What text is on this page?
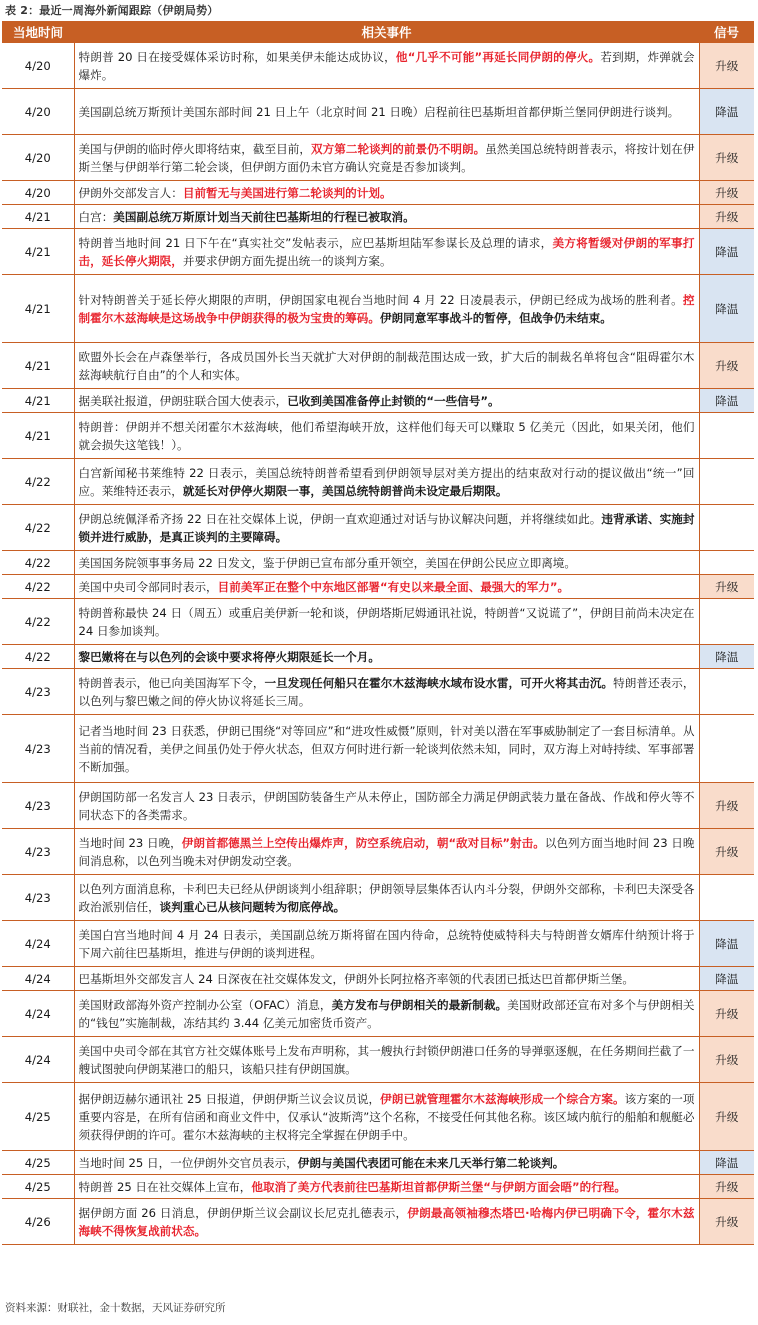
表 2：最近一周海外新闻跟踪（伊朗局势）
当地时间	相关事件	信号
4/20	特朗普 20 日在接受媒体采访时称，如果美伊未能达成协议，他“几乎不可能”再延长同伊朗的停火。若到期，炸弹就会爆炸。	升级
4/20	美国副总统万斯预计美国东部时间 21 日上午（北京时间 21 日晚）启程前往巴基斯坦首都伊斯兰堡同伊朗进行谈判。	降温
4/20	美国与伊朗的临时停火即将结束，截至目前，双方第二轮谈判的前景仍不明朗。虽然美国总统特朗普表示，将按计划在伊斯兰堡与伊朗举行第二轮会谈，但伊朗方面仍未官方确认究竟是否参加谈判。	升级
4/20	伊朗外交部发言人：目前暂无与美国进行第二轮谈判的计划。	升级
4/21	白宫：美国副总统万斯原计划当天前往巴基斯坦的行程已被取消。	升级
4/21	特朗普当地时间 21 日下午在“真实社交”发帖表示，应巴基斯坦陆军参谋长及总理的请求，美方将暂缓对伊朗的军事打击，延长停火期限，并要求伊朗方面先提出统一的谈判方案。	降温
4/21	针对特朗普关于延长停火期限的声明，伊朗国家电视台当地时间 4 月 22 日凌晨表示，伊朗已经成为战场的胜利者。控制霍尔木兹海峡是这场战争中伊朗获得的极为宝贵的筹码。伊朗同意军事战斗的暂停，但战争仍未结束。	降温
4/21	欧盟外长会在卢森堡举行，各成员国外长当天就扩大对伊朗的制裁范围达成一致，扩大后的制裁名单将包含“阻碍霍尔木兹海峡航行自由”的个人和实体。	升级
4/21	据美联社报道，伊朗驻联合国大使表示，已收到美国准备停止封锁的“一些信号”。	降温
4/21	特朗普：伊朗并不想关闭霍尔木兹海峡，他们希望海峡开放，这样他们每天可以赚取 5 亿美元（因此，如果关闭，他们就会损失这笔钱！）。	
4/22	白宫新闻秘书莱维特 22 日表示，美国总统特朗普希望看到伊朗领导层对美方提出的结束敌对行动的提议做出“统一”回应。莱维特还表示，就延长对伊停火期限一事，美国总统特朗普尚未设定最后期限。	
4/22	伊朗总统佩泽希齐扬 22 日在社交媒体上说，伊朗一直欢迎通过对话与协议解决问题，并将继续如此。违背承诺、实施封锁并进行威胁，是真正谈判的主要障碍。	
4/22	美国国务院领事事务局 22 日发文，鉴于伊朗已宣布部分重开领空，美国在伊朗公民应立即离境。	
4/22	美国中央司令部同时表示，目前美军正在整个中东地区部署“有史以来最全面、最强大的军力”。	升级
4/22	特朗普称最快 24 日（周五）或重启美伊新一轮和谈，伊朗塔斯尼姆通讯社说，特朗普“又说谎了”，伊朗目前尚未决定在 24 日参加谈判。	
4/22	黎巴嫩将在与以色列的会谈中要求将停火期限延长一个月。	降温
4/23	特朗普表示，他已向美国海军下令，一旦发现任何船只在霍尔木兹海峡水域布设水雷，可开火将其击沉。特朗普还表示，以色列与黎巴嫩之间的停火协议将延长三周。	
4/23	记者当地时间 23 日获悉，伊朗已围绕“对等回应”和“进攻性威慑”原则，针对美以潜在军事威胁制定了一套目标清单。从当前的情况看，美伊之间虽仍处于停火状态，但双方何时进行新一轮谈判依然未知，同时，双方海上对峙持续、军事部署不断加强。	
4/23	伊朗国防部一名发言人 23 日表示，伊朗国防装备生产从未停止，国防部全力满足伊朗武装力量在备战、作战和停火等不同状态下的各类需求。	升级
4/23	当地时间 23 日晚，伊朗首都德黑兰上空传出爆炸声，防空系统启动，朝“敌对目标”射击。以色列方面当地时间 23 日晚间消息称，以色列当晚未对伊朗发动空袭。	升级
4/23	以色列方面消息称，卡利巴夫已经从伊朗谈判小组辞职；伊朗领导层集体否认内斗分裂，伊朗外交部称，卡利巴夫深受各政治派别信任，谈判重心已从核问题转为彻底停战。	
4/24	美国白宫当地时间 4 月 24 日表示，美国副总统万斯将留在国内待命，总统特使威特科夫与特朗普女婿库什纳预计将于下周六前往巴基斯坦，推进与伊朗的谈判进程。	降温
4/24	巴基斯坦外交部发言人 24 日深夜在社交媒体发文，伊朗外长阿拉格齐率领的代表团已抵达巴首都伊斯兰堡。	降温
4/24	美国财政部海外资产控制办公室（OFAC）消息，美方发布与伊朗相关的最新制裁。美国财政部还宣布对多个与伊朗相关的“钱包”实施制裁，冻结其约 3.44 亿美元加密货币资产。	升级
4/24	美国中央司令部在其官方社交媒体账号上发布声明称，其一艘执行封锁伊朗港口任务的导弹驱逐舰，在任务期间拦截了一艘试图驶向伊朗某港口的船只，该船只挂有伊朗国旗。	升级
4/25	据伊朗迈赫尔通讯社 25 日报道，伊朗伊斯兰议会议员说，伊朗已就管理霍尔木兹海峡形成一个综合方案。该方案的一项重要内容是，在所有信函和商业文件中，仅承认“波斯湾”这个名称，不接受任何其他名称。该区域内航行的船舶和舰艇必须获得伊朗的许可。霍尔木兹海峡的主权将完全掌握在伊朗手中。	升级
4/25	当地时间 25 日，一位伊朗外交官员表示，伊朗与美国代表团可能在未来几天举行第二轮谈判。	降温
4/25	特朗普 25 日在社交媒体上宣布，他取消了美方代表前往巴基斯坦首都伊斯兰堡“与伊朗方面会晤”的行程。	升级
4/26	据伊朗方面 26 日消息，伊朗伊斯兰议会副议长尼克扎德表示，伊朗最高领袖穆杰塔巴·哈梅内伊已明确下令，霍尔木兹海峡不得恢复战前状态。	升级
资料来源：财联社，金十数据，天风证券研究所
